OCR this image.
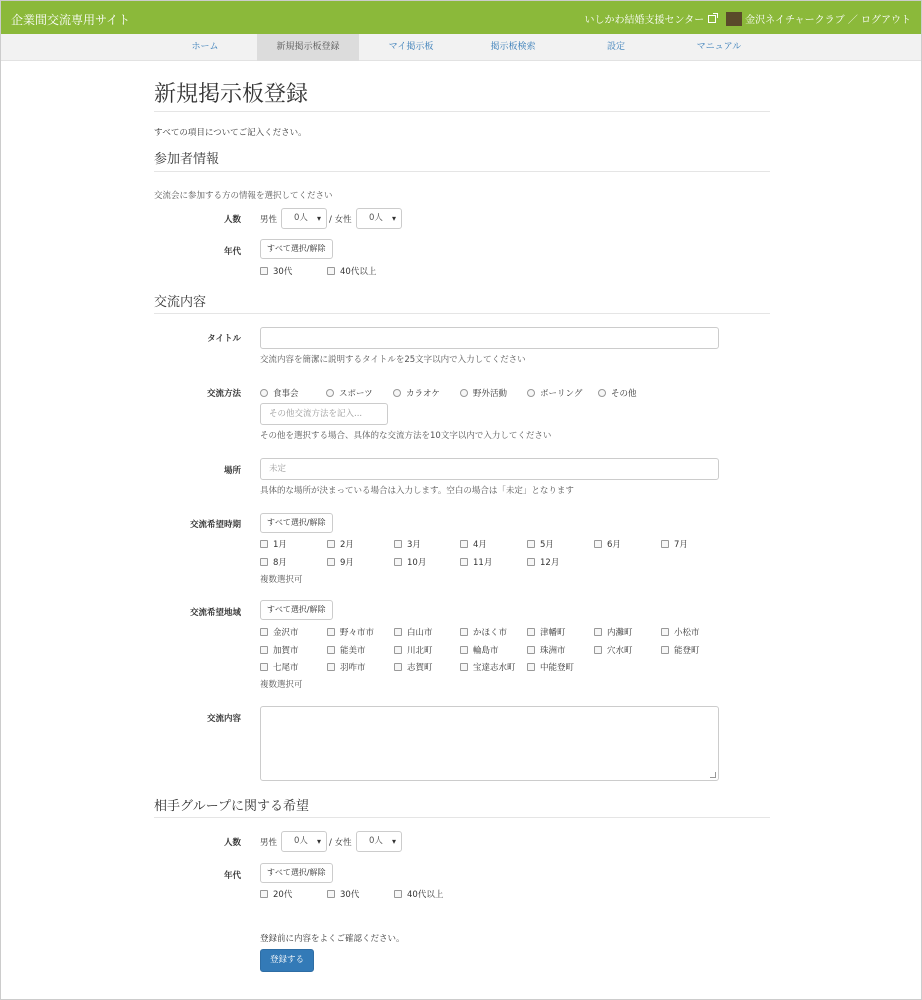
企業間交流専用サイト	いしかわ結婚支援センター	金沢ネイチャークラブ ／ ログアウト
ホーム	新規掲示板登録	マイ掲示板	掲示板検索	設定	マニュアル
新規掲示板登録
すべての項目についてご記入ください。
参加者情報
交流会に参加する方の情報を選択してください
人数 男性	0人 ▾	/ 女性	0人 ▾
年代	すべて選択/解除
30代	40代以上
交流内容
タイトル
交流内容を簡潔に説明するタイトルを25文字以内で入力してください
交流方法	食事会	スポーツ	カラオケ	野外活動	ボーリング	その他
その他交流方法を記入...
その他を選択する場合、具体的な交流方法を10文字以内で入力してください
場所	未定
具体的な場所が決まっている場合は入力します。空白の場合は「未定」となります
交流希望時期	すべて選択/解除
1月	2月	3月	4月	5月	6月	7月
8月	9月	10月	11月	12月
複数選択可
交流希望地域	すべて選択/解除
金沢市	野々市市	白山市	かほく市	津幡町	内灘町	小松市
加賀市	能美市	川北町	輪島市	珠洲市	穴水町	能登町
七尾市	羽咋市	志賀町	宝達志水町	中能登町
複数選択可
交流内容
相手グループに関する希望
人数 男性	0人 ▾	/ 女性	0人 ▾
年代	すべて選択/解除
20代	30代	40代以上
登録前に内容をよくご確認ください。
登録する
